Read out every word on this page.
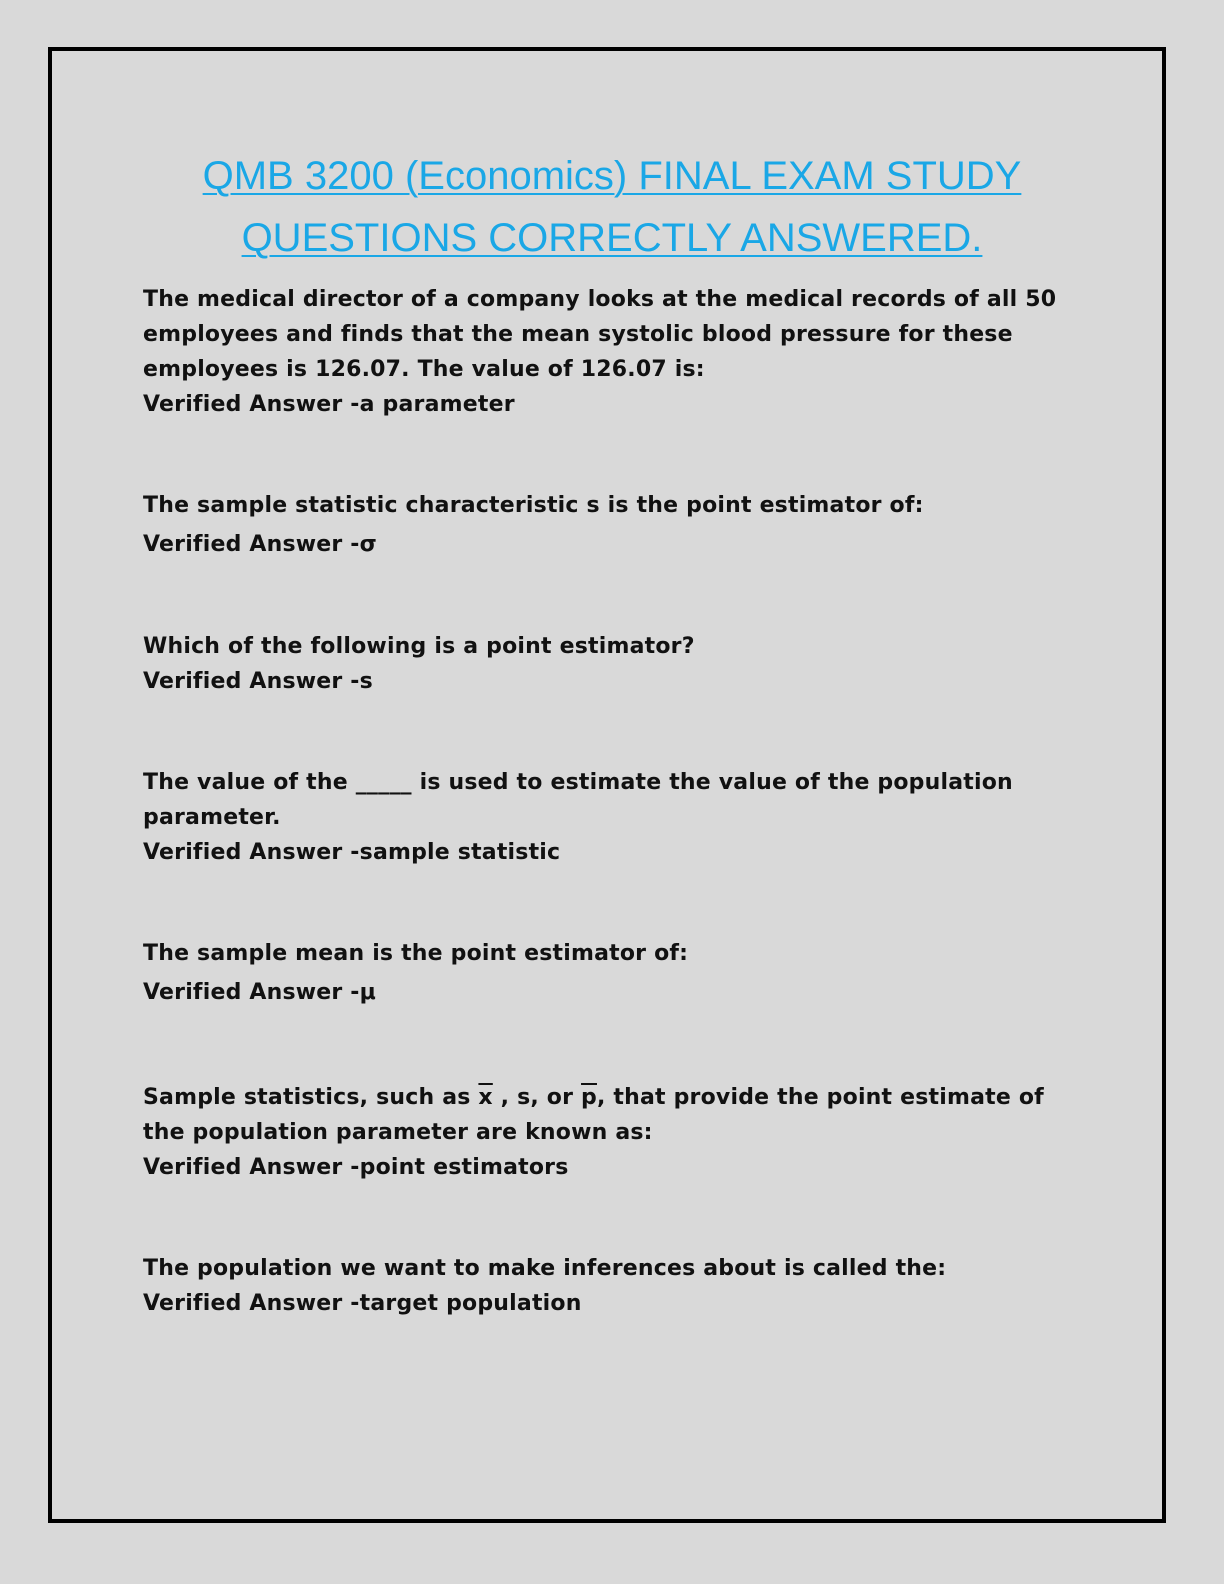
QMB 3200 (Economics) FINAL EXAM STUDY QUESTIONS CORRECTLY ANSWERED.

The medical director of a company looks at the medical records of all 50 employees and finds that the mean systolic blood pressure for these employees is 126.07. The value of 126.07 is:

Verified Answer -a parameter

The sample statistic characteristic s is the point estimator of:

Verified Answer -σ

Which of the following is a point estimator?

Verified Answer -s

The value of the _____ is used to estimate the value of the population parameter.

Verified Answer -sample statistic

The sample mean is the point estimator of:

Verified Answer -μ

Sample statistics, such as $\overline{x}$ , s, or $\overline{p}$, that provide the point estimate of the population parameter are known as:

Verified Answer -point estimators

The population we want to make inferences about is called the:

Verified Answer -target population
